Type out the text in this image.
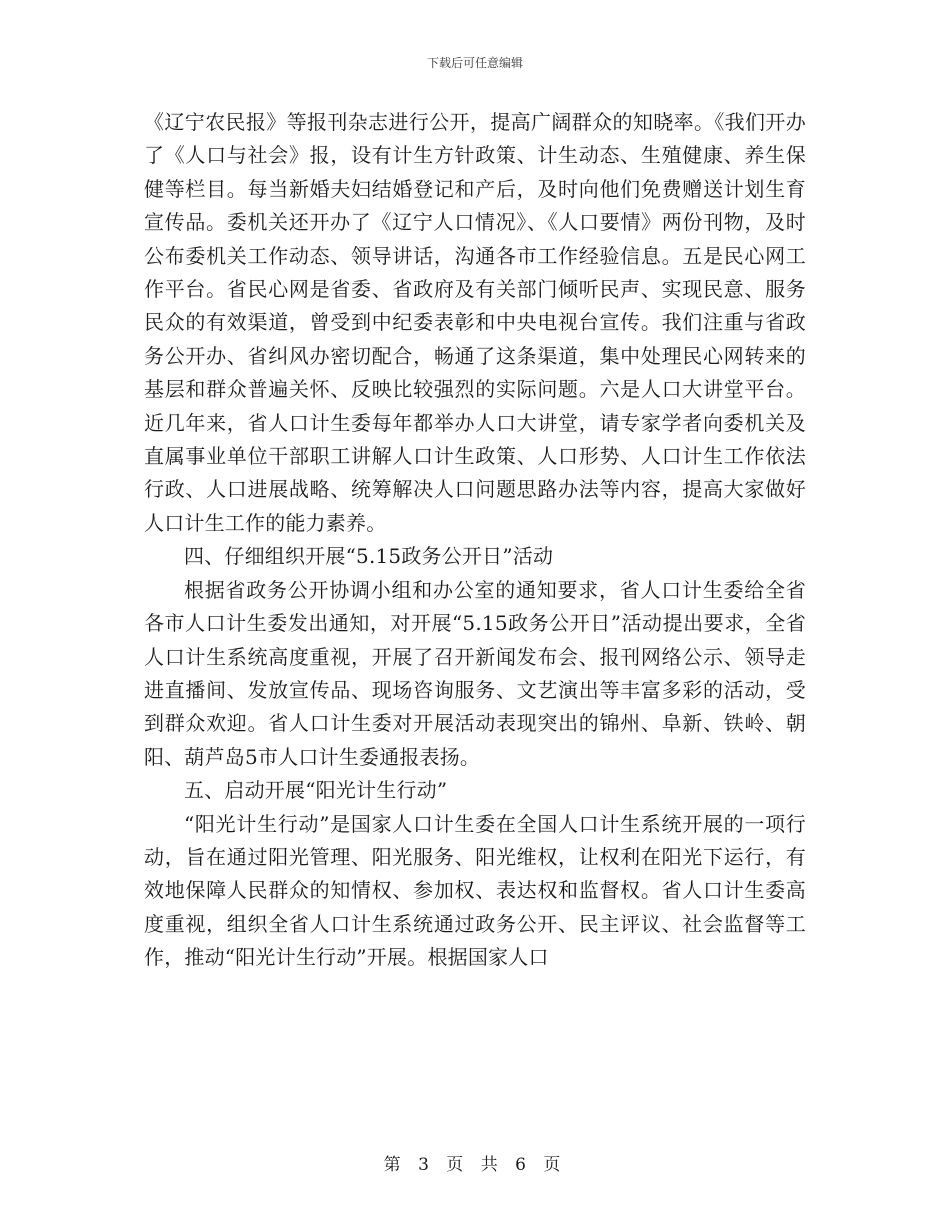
下载后可任意编辑

《辽宁农民报》等报刊杂志进行公开，提高广阔群众的知晓率。《我们开办了《人口与社会》报，设有计生方针政策、计生动态、生殖健康、养生保健等栏目。每当新婚夫妇结婚登记和产后，及时向他们免费赠送计划生育宣传品。委机关还开办了《辽宁人口情况》、《人口要情》两份刊物，及时公布委机关工作动态、领导讲话，沟通各市工作经验信息。五是民心网工作平台。省民心网是省委、省政府及有关部门倾听民声、实现民意、服务民众的有效渠道，曾受到中纪委表彰和中央电视台宣传。我们注重与省政务公开办、省纠风办密切配合，畅通了这条渠道，集中处理民心网转来的基层和群众普遍关怀、反映比较强烈的实际问题。六是人口大讲堂平台。近几年来，省人口计生委每年都举办人口大讲堂，请专家学者向委机关及直属事业单位干部职工讲解人口计生政策、人口形势、人口计生工作依法行政、人口进展战略、统筹解决人口问题思路办法等内容，提高大家做好人口计生工作的能力素养。

四、仔细组织开展“5.15政务公开日”活动

根据省政务公开协调小组和办公室的通知要求，省人口计生委给全省各市人口计生委发出通知，对开展“5.15政务公开日”活动提出要求，全省人口计生系统高度重视，开展了召开新闻发布会、报刊网络公示、领导走进直播间、发放宣传品、现场咨询服务、文艺演出等丰富多彩的活动，受到群众欢迎。省人口计生委对开展活动表现突出的锦州、阜新、铁岭、朝阳、葫芦岛5市人口计生委通报表扬。

五、启动开展“阳光计生行动”

“阳光计生行动”是国家人口计生委在全国人口计生系统开展的一项行动，旨在通过阳光管理、阳光服务、阳光维权，让权利在阳光下运行，有效地保障人民群众的知情权、参加权、表达权和监督权。省人口计生委高度重视，组织全省人口计生系统通过政务公开、民主评议、社会监督等工作，推动“阳光计生行动”开展。根据国家人口

第 3 页 共 6 页
